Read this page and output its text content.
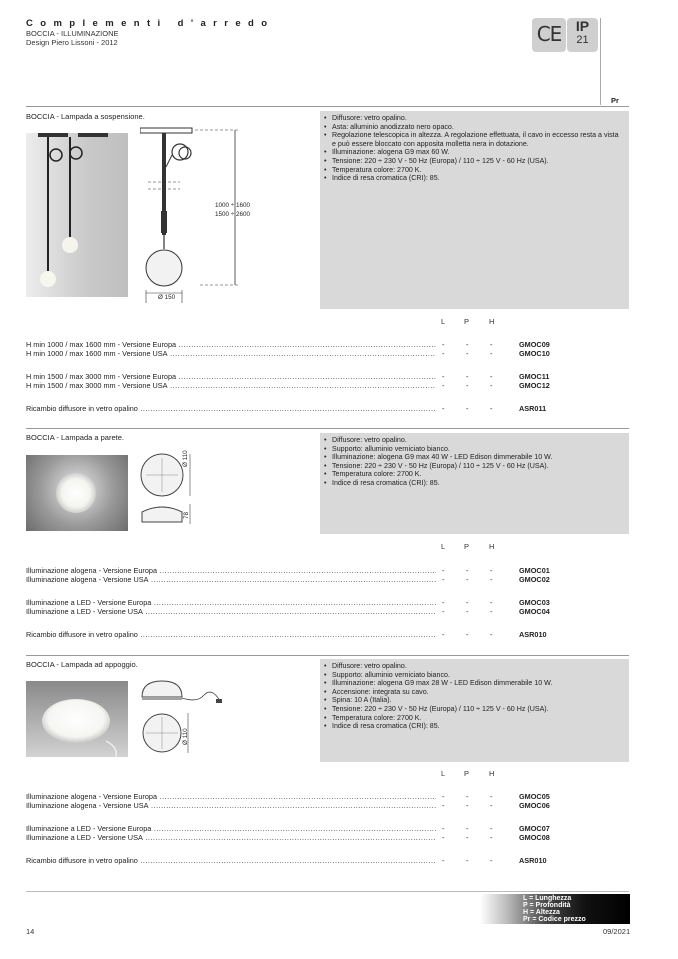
Complementi d'arredo
BOCCIA - ILLUMINAZIONE
Design Piero Lissoni - 2012	CE	IP
21
Pr
BOCCIA - Lampada a sospensione.
1000 ÷ 1600
1500 ÷ 2600
Ø 150
• Diffusore: vetro opalino.
• Asta: alluminio anodizzato nero opaco.
• Regolazione telescopica in altezza. A regolazione effettuata, il cavo in eccesso resta a vista e può essere bloccato con apposita molletta nera in dotazione.
• Illuminazione: alogena G9 max 60 W.
• Tensione: 220 ÷ 230 V - 50 Hz (Europa) / 110 ÷ 125 V - 60 Hz (USA).
• Temperatura colore: 2700 K.
• Indice di resa cromatica (CRI): 85.
L	P	H
H min 1000 / max 1600 mm - Versione Europa .....	-	-	-	GMOC09
H min 1000 / max 1600 mm - Versione USA .....	-	-	-	GMOC10
H min 1500 / max 3000 mm - Versione Europa .....	-	-	-	GMOC11
H min 1500 / max 3000 mm - Versione USA .....	-	-	-	GMOC12
Ricambio diffusore in vetro opalino .....	-	-	-	ASR011
BOCCIA - Lampada a parete.
Ø 110
78
• Diffusore: vetro opalino.
• Supporto: alluminio verniciato bianco.
• Illuminazione: alogena G9 max 40 W - LED Edison dimmerabile 10 W.
• Tensione: 220 ÷ 230 V - 50 Hz (Europa) / 110 ÷ 125 V - 60 Hz (USA).
• Temperatura colore: 2700 K.
• Indice di resa cromatica (CRI): 85.
L	P	H
Illuminazione alogena - Versione Europa .....	-	-	-	GMOC01
Illuminazione alogena - Versione USA .....	-	-	-	GMOC02
Illuminazione a LED - Versione Europa .....	-	-	-	GMOC03
Illuminazione a LED - Versione USA .....	-	-	-	GMOC04
Ricambio diffusore in vetro opalino .....	-	-	-	ASR010
BOCCIA - Lampada ad appoggio.
Ø 110
• Diffusore: vetro opalino.
• Supporto: alluminio verniciato bianco.
• Illuminazione: alogena G9 max 28 W - LED Edison dimmerabile 10 W.
• Accensione: integrata su cavo.
• Spina: 10 A (Italia).
• Tensione: 220 ÷ 230 V - 50 Hz (Europa) / 110 ÷ 125 V - 60 Hz (USA).
• Temperatura colore: 2700 K.
• Indice di resa cromatica (CRI): 85.
L	P	H
Illuminazione alogena - Versione Europa .....	-	-	-	GMOC05
Illuminazione alogena - Versione USA .....	-	-	-	GMOC06
Illuminazione a LED - Versione Europa .....	-	-	-	GMOC07
Illuminazione a LED - Versione USA .....	-	-	-	GMOC08
Ricambio diffusore in vetro opalino .....	-	-	-	ASR010
L = Lunghezza
P = Profondità
H = Altezza
Pr = Codice prezzo
14	09/2021
